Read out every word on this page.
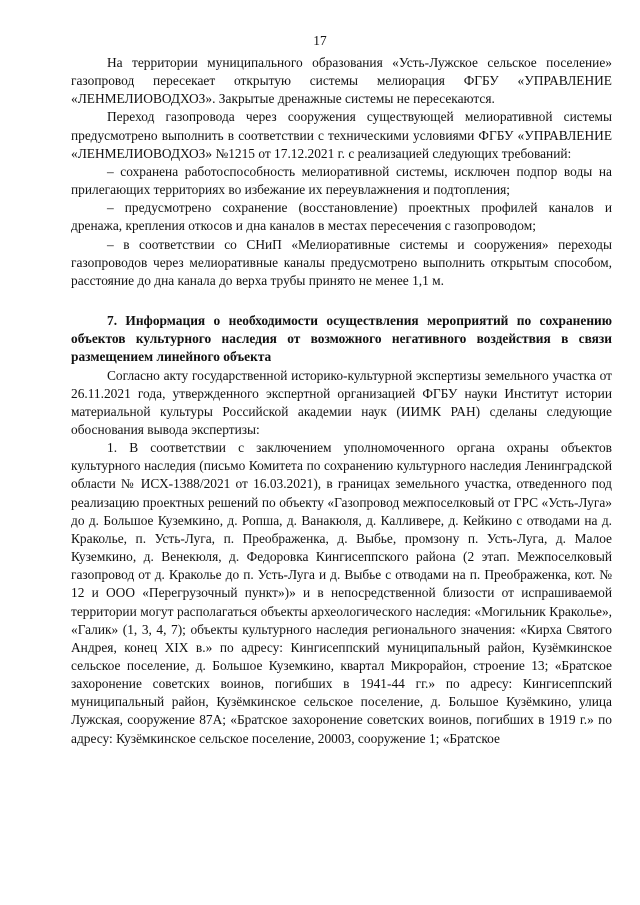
17

На территории муниципального образования «Усть-Лужское сельское поселение» газопровод пересекает открытую системы мелиорация ФГБУ «УПРАВЛЕНИЕ «ЛЕНМЕЛИОВОДХОЗ». Закрытые дренажные системы не пересекаются.

Переход газопровода через сооружения существующей мелиоративной системы предусмотрено выполнить в соответствии с техническими условиями ФГБУ «УПРАВЛЕНИЕ «ЛЕНМЕЛИОВОДХОЗ» №1215 от 17.12.2021 г. с реализацией следующих требований:

– сохранена работоспособность мелиоративной системы, исключен подпор воды на прилегающих территориях во избежание их переувлажнения и подтопления;

– предусмотрено сохранение (восстановление) проектных профилей каналов и дренажа, крепления откосов и дна каналов в местах пересечения с газопроводом;

– в соответствии со СНиП «Мелиоративные системы и сооружения» переходы газопроводов через мелиоративные каналы предусмотрено выполнить открытым способом, расстояние до дна канала до верха трубы принято не менее 1,1 м.

7. Информация о необходимости осуществления мероприятий по сохранению объектов культурного наследия от возможного негативного воздействия в связи размещением линейного объекта

Согласно акту государственной историко-культурной экспертизы земельного участка от 26.11.2021 года, утвержденного экспертной организацией ФГБУ науки Институт истории материальной культуры Российской академии наук (ИИМК РАН) сделаны следующие обоснования вывода экспертизы:

1. В соответствии с заключением уполномоченного органа охраны объектов культурного наследия (письмо Комитета по сохранению культурного наследия Ленинградской области № ИСХ-1388/2021 от 16.03.2021), в границах земельного участка, отведенного под реализацию проектных решений по объекту «Газопровод межпоселковый от ГРС «Усть-Луга» до д. Большое Куземкино, д. Ропша, д. Ванакюля, д. Калливере, д. Кейкино с отводами на д. Краколье, п. Усть-Луга, п. Преображенка, д. Выбье, промзону п. Усть-Луга, д. Малое Куземкино, д. Венекюля, д. Федоровка Кингисеппского района (2 этап. Межпоселковый газопровод от д. Краколье до п. Усть-Луга и д. Выбье с отводами на п. Преображенка, кот. № 12 и ООО «Перегрузочный пункт»)» и в непосредственной близости от испрашиваемой территории могут располагаться объекты археологического наследия: «Могильник Краколье», «Галик» (1, 3, 4, 7); объекты культурного наследия регионального значения: «Кирха Святого Андрея, конец XIX в.» по адресу: Кингисеппский муниципальный район, Кузёмкинское сельское поселение, д. Большое Куземкино, квартал Микрорайон, строение 13; «Братское захоронение советских воинов, погибших в 1941-44 гг.» по адресу: Кингисеппский муниципальный район, Кузёмкинское сельское поселение, д. Большое Кузёмкино, улица Лужская, сооружение 87А; «Братское захоронение советских воинов, погибших в 1919 г.» по адресу: Кузёмкинское сельское поселение, 20003, сооружение 1; «Братское
